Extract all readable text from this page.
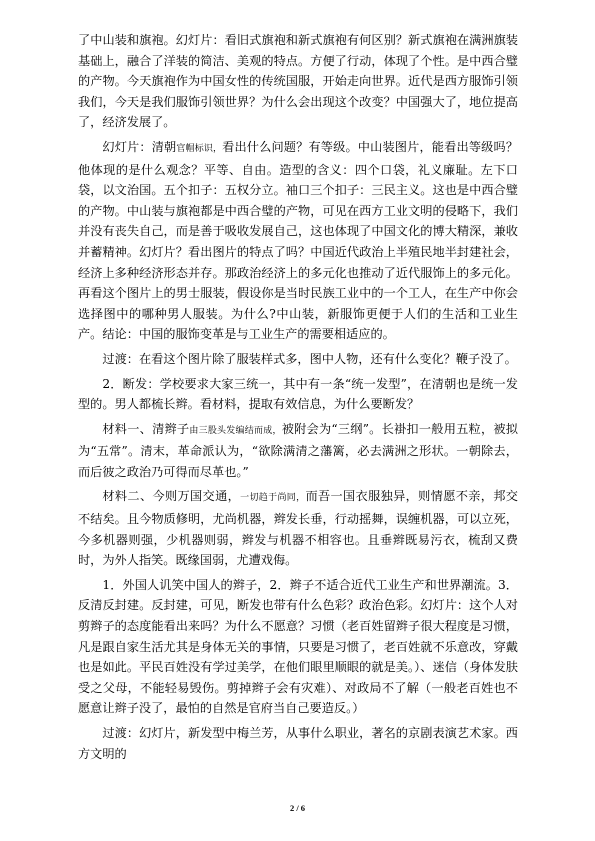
了中山装和旗袍。幻灯片：看旧式旗袍和新式旗袍有何区别？新式旗袍在满洲旗装基础上，融合了洋装的简洁、美观的特点。方便了行动，体现了个性。是中西合璧的产物。今天旗袍作为中国女性的传统国服，开始走向世界。近代是西方服饰引领我们，今天是我们服饰引领世界？为什么会出现这个改变？中国强大了，地位提高了，经济发展了。

幻灯片：清朝官帽标识，看出什么问题？有等级。中山装图片，能看出等级吗？他体现的是什么观念？平等、自由。造型的含义：四个口袋，礼义廉耻。左下口袋，以文治国。五个扣子：五权分立。袖口三个扣子：三民主义。这也是中西合璧的产物。中山装与旗袍都是中西合璧的产物，可见在西方工业文明的侵略下，我们并没有丧失自己，而是善于吸收发展自己，这也体现了中国文化的博大精深，兼收并蓄精神。幻灯片？看出图片的特点了吗？中国近代政治上半殖民地半封建社会，经济上多种经济形态并存。那政治经济上的多元化也推动了近代服饰上的多元化。再看这个图片上的男士服装，假设你是当时民族工业中的一个工人，在生产中你会选择图中的哪种男人服装。为什么?中山装，新服饰更便于人们的生活和工业生产。结论：中国的服饰变革是与工业生产的需要相适应的。

过渡：在看这个图片除了服装样式多，图中人物，还有什么变化？鞭子没了。

2．断发：学校要求大家三统一，其中有一条“统一发型”，在清朝也是统一发型的。男人都梳长辫。看材料，提取有效信息，为什么要断发？

材料一、清辫子由三股头发编结而成，被附会为“三纲”。长褂扣一般用五粒，被拟为“五常”。清末，革命派认为，“欲除满清之藩篱，必去满洲之形状。一朝除去，而后彼之政治乃可得而尽革也。”

材料二、今则万国交通，一切趋于尚同，而吾一国衣服独异，则情愿不亲，邦交不结矣。且今物质修明，尤尚机器，辫发长垂，行动摇舞，误缠机器，可以立死，今多机器则强，少机器则弱，辫发与机器不相容也。且垂辫既易污衣，梳刮又费时，为外人指笑。既缘国弱，尤遭戏侮。

1．外国人讥笑中国人的辫子，2．辫子不适合近代工业生产和世界潮流。3．反清反封建。反封建，可见，断发也带有什么色彩？政治色彩。幻灯片：这个人对剪辫子的态度能看出来吗？为什么不愿意？习惯（老百姓留辫子很大程度是习惯，凡是跟自家生活尤其是身体无关的事情，只要是习惯了，老百姓就不乐意改，穿戴也是如此。平民百姓没有学过美学，在他们眼里顺眼的就是美。）、迷信（身体发肤受之父母，不能轻易毁伤。剪掉辫子会有灾难）、对政局不了解（一般老百姓也不愿意让辫子没了，最怕的自然是官府当自己要造反。）

过渡：幻灯片，新发型中梅兰芳，从事什么职业，著名的京剧表演艺术家。西方文明的

2 / 6
